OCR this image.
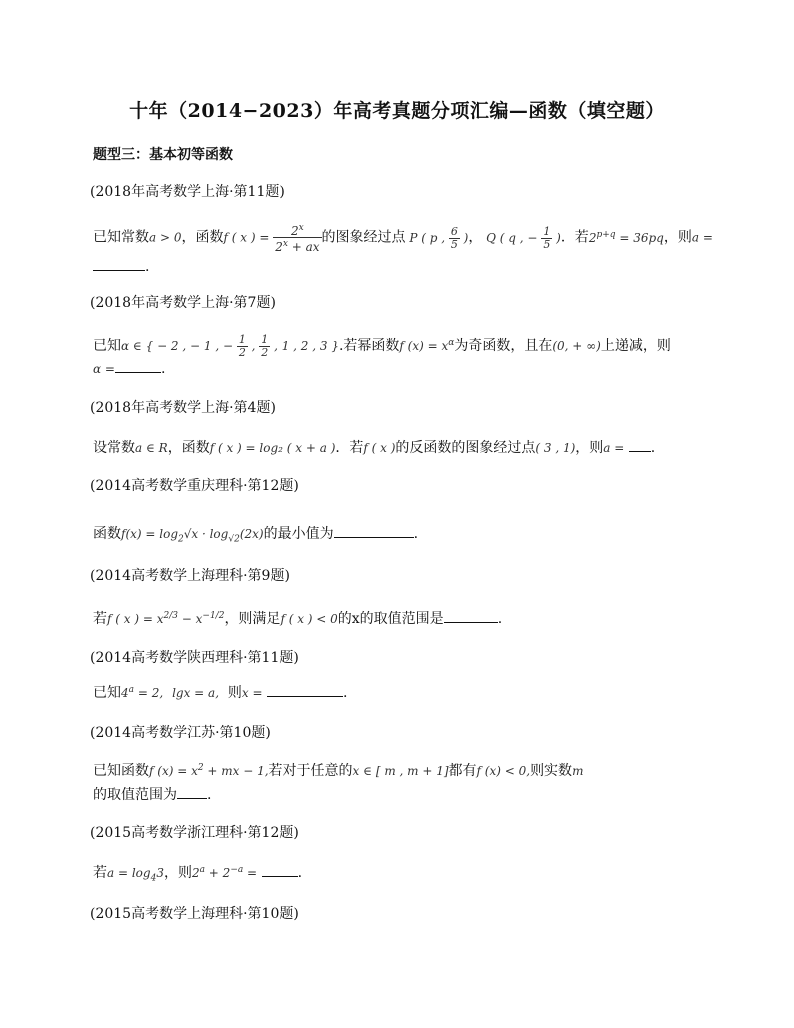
十年（2014−2023）年高考真题分项汇编—函数（填空题）
题型三：基本初等函数
(2018年高考数学上海·第11题)
已知常数a > 0，函数f ( x ) = $\frac{2^x}{2^x + ax}$ 的图象经过点 P ( p , $\frac{6}{5}$ )， Q ( q , − $\frac{1}{5}$ )．若$2^{p+q} = 36pq$，则a =
.
(2018年高考数学上海·第7题)
已知α ∈ { − 2 , − 1 , − $\frac{1}{2}$ , $\frac{1}{2}$ , 1 , 2 , 3 }.若幂函数f $(x) = x^\alpha$为奇函数，且在(0, + ∞)上递减，则
α =	.
(2018年高考数学上海·第4题)
设常数a ∈ R，函数f ( x ) = log₂ ( x + a )．若f ( x )的反函数的图象经过点( 3 , 1)，则a = .
(2014高考数学重庆理科·第12题)
函数$f(x) = \log_2√x \cdot \log_{√2}(2x)$的最小值为	.
(2014高考数学上海理科·第9题)
若f ( x ) = $x^{2/3} - x^{-1/2}$，则满足f ( x ) < 0的x的取值范围是	.
(2014高考数学陕西理科·第11题)
已知$4^a = 2$, lgx = a, 则x =	.
(2014高考数学江苏·第10题)
已知函数f $(x) = x^2$ + mx − 1,若对于任意的x ∈ [ m , m + 1]都有f (x) < 0,则实数m
的取值范围为 .
(2015高考数学浙江理科·第12题)
若$a = \log_43$，则$2^a + 2^{-a}$ =	.
(2015高考数学上海理科·第10题)
